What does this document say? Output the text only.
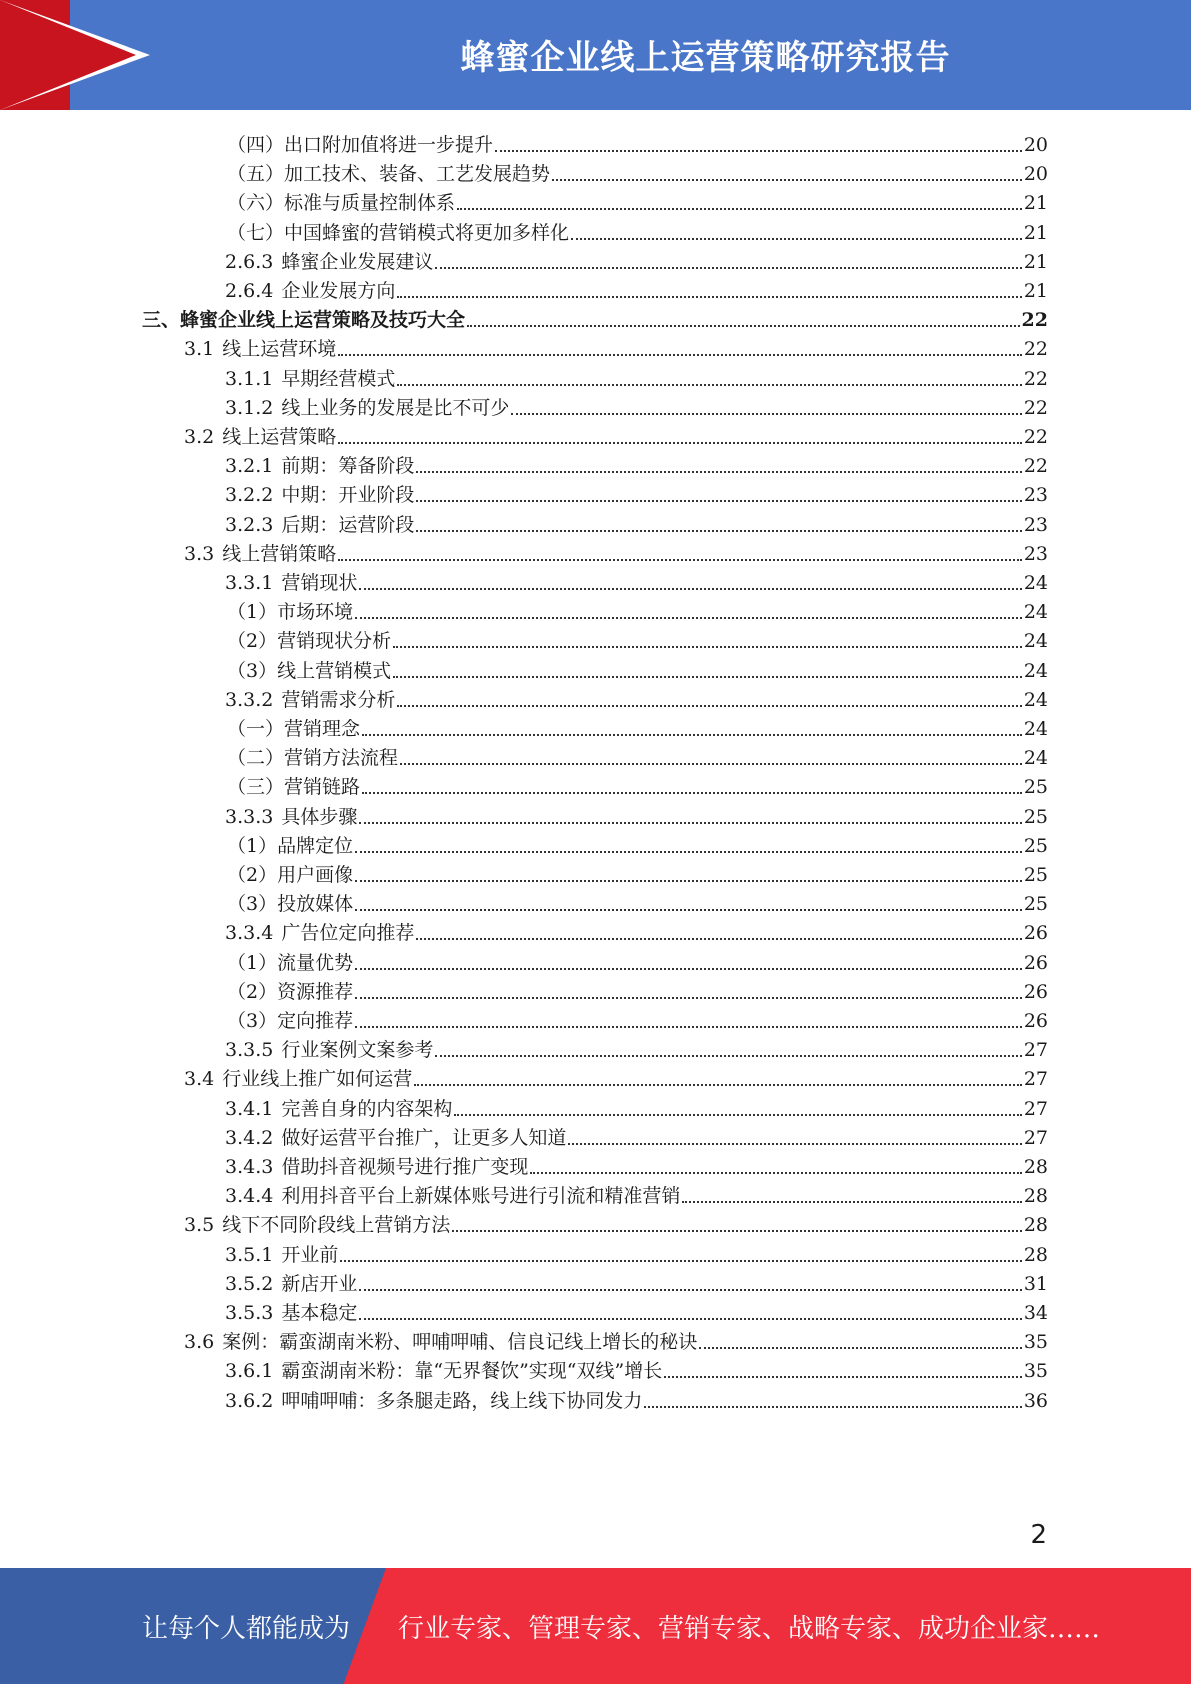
蜂蜜企业线上运营策略研究报告
（四）出口附加值将进一步提升	20
（五）加工技术、装备、工艺发展趋势	20
（六）标准与质量控制体系	21
（七）中国蜂蜜的营销模式将更加多样化	21
2.6.3 蜂蜜企业发展建议	21
2.6.4 企业发展方向	21
三、蜂蜜企业线上运营策略及技巧大全	22
3.1 线上运营环境	22
3.1.1 早期经营模式	22
3.1.2 线上业务的发展是比不可少	22
3.2 线上运营策略	22
3.2.1 前期：筹备阶段	22
3.2.2 中期：开业阶段	23
3.2.3 后期：运营阶段	23
3.3 线上营销策略	23
3.3.1 营销现状	24
（1）市场环境	24
（2）营销现状分析	24
（3）线上营销模式	24
3.3.2 营销需求分析	24
（一）营销理念	24
（二）营销方法流程	24
（三）营销链路	25
3.3.3 具体步骤	25
（1）品牌定位	25
（2）用户画像	25
（3）投放媒体	25
3.3.4 广告位定向推荐	26
（1）流量优势	26
（2）资源推荐	26
（3）定向推荐	26
3.3.5 行业案例文案参考	27
3.4 行业线上推广如何运营	27
3.4.1 完善自身的内容架构	27
3.4.2 做好运营平台推广，让更多人知道	27
3.4.3 借助抖音视频号进行推广变现	28
3.4.4 利用抖音平台上新媒体账号进行引流和精准营销	28
3.5 线下不同阶段线上营销方法	28
3.5.1 开业前	28
3.5.2 新店开业	31
3.5.3 基本稳定	34
3.6 案例：霸蛮湖南米粉、呷哺呷哺、信良记线上增长的秘诀	35
3.6.1 霸蛮湖南米粉：靠“无界餐饮”实现“双线”增长	35
3.6.2 呷哺呷哺：多条腿走路，线上线下协同发力	36
2
让每个人都能成为 行业专家、管理专家、营销专家、战略专家、成功企业家……
